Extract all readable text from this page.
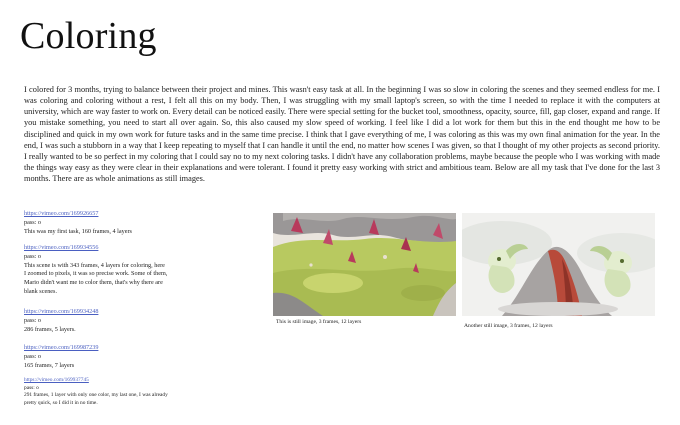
Coloring

I colored for 3 months, trying to balance between their project and mines. This wasn't easy task at all. In the beginning I was so slow in coloring the scenes and they seemed endless for me. I was coloring and coloring without a rest, I felt all this on my body. Then, I was struggling with my small laptop's screen, so with the time I needed to replace it with the computers at university, which are way faster to work on. Every detail can be noticed easily. There were special setting for the bucket tool, smoothness, opacity, source, fill, gap closer, expand and range. If you mistake something, you need to start all over again. So, this also caused my slow speed of working. I feel like I did a lot work for them but this in the end thought me how to be disciplined and quick in my own work for future tasks and in the same time precise. I think that I gave everything of me, I was coloring as this was my own final animation for the year. In the end, I was such a stubborn in a way that I keep repeating to myself that I can handle it until the end, no matter how scenes I was given, so that I thought of my other projects as second priority. I really wanted to be so perfect in my coloring that I could say no to my next coloring tasks. I didn't have any collaboration problems, maybe because the people who I was working with made the things way easy as they were clear in their explanations and were tolerant. I found it pretty easy working with strict and ambitious team. Below are all my task that I've done for the last 3 months. There are as whole animations as still images.

https://vimeo.com/169926657
pass: o
This was my first task, 160 frames, 4 layers
https://vimeo.com/169934556
pass: o
This scene is with 343 frames, 4 layers for coloring, here
I zoomed to pixels, it was so precise work. Some of them,
Mario didn't want me to color them, that's why there are
blank scenes.
https://vimeo.com/169934248
pass: o
286 frames, 5 layers.
https://vimeo.com/169987239
pass: o
165 frames, 7 layers
https://vimeo.com/169937745
pass: o
291 frames, 1 layer with only one color, my last one, I was already
pretty quick, so I did it in no time.
This is still image, 3 frames, 12 layers
Another still image, 3 frames, 12 layers
